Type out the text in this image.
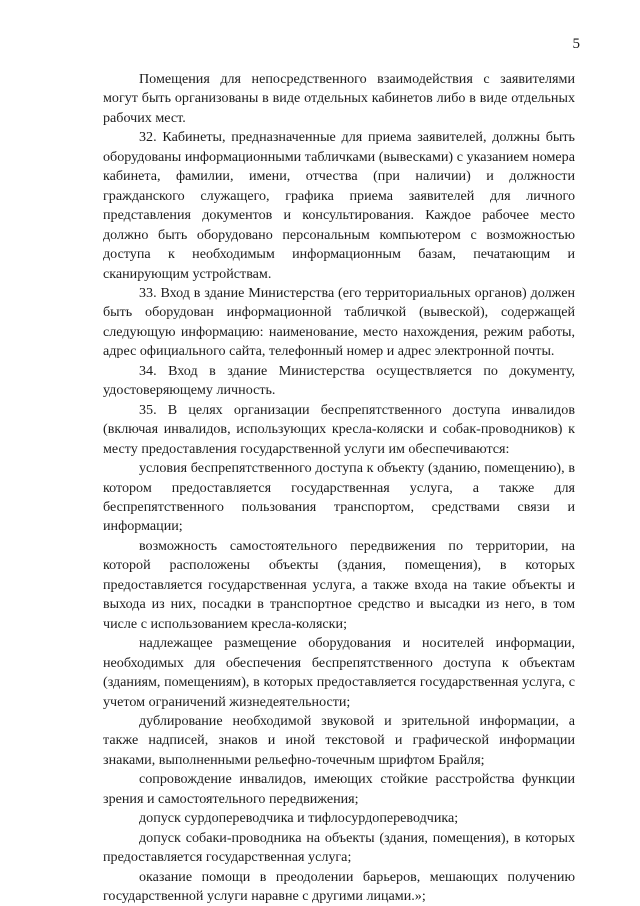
5

Помещения для непосредственного взаимодействия с заявителями могут быть организованы в виде отдельных кабинетов либо в виде отдельных рабочих мест.

32. Кабинеты, предназначенные для приема заявителей, должны быть оборудованы информационными табличками (вывесками) с указанием номера кабинета, фамилии, имени, отчества (при наличии) и должности гражданского служащего, графика приема заявителей для личного представления документов и консультирования. Каждое рабочее место должно быть оборудовано персональным компьютером с возможностью доступа к необходимым информационным базам, печатающим и сканирующим устройствам.

33. Вход в здание Министерства (его территориальных органов) должен быть оборудован информационной табличкой (вывеской), содержащей следующую информацию: наименование, место нахождения, режим работы, адрес официального сайта, телефонный номер и адрес электронной почты.

34. Вход в здание Министерства осуществляется по документу, удостоверяющему личность.

35. В целях организации беспрепятственного доступа инвалидов (включая инвалидов, использующих кресла-коляски и собак-проводников) к месту предоставления государственной услуги им обеспечиваются:

условия беспрепятственного доступа к объекту (зданию, помещению), в котором предоставляется государственная услуга, а также для беспрепятственного пользования транспортом, средствами связи и информации;

возможность самостоятельного передвижения по территории, на которой расположены объекты (здания, помещения), в которых предоставляется государственная услуга, а также входа на такие объекты и выхода из них, посадки в транспортное средство и высадки из него, в том числе с использованием кресла-коляски;

надлежащее размещение оборудования и носителей информации, необходимых для обеспечения беспрепятственного доступа к объектам (зданиям, помещениям), в которых предоставляется государственная услуга, с учетом ограничений жизнедеятельности;

дублирование необходимой звуковой и зрительной информации, а также надписей, знаков и иной текстовой и графической информации знаками, выполненными рельефно-точечным шрифтом Брайля;

сопровождение инвалидов, имеющих стойкие расстройства функции зрения и самостоятельного передвижения;

допуск сурдопереводчика и тифлосурдопереводчика;

допуск собаки-проводника на объекты (здания, помещения), в которых предоставляется государственная услуга;

оказание помощи в преодолении барьеров, мешающих получению государственной услуги наравне с другими лицами.»;
